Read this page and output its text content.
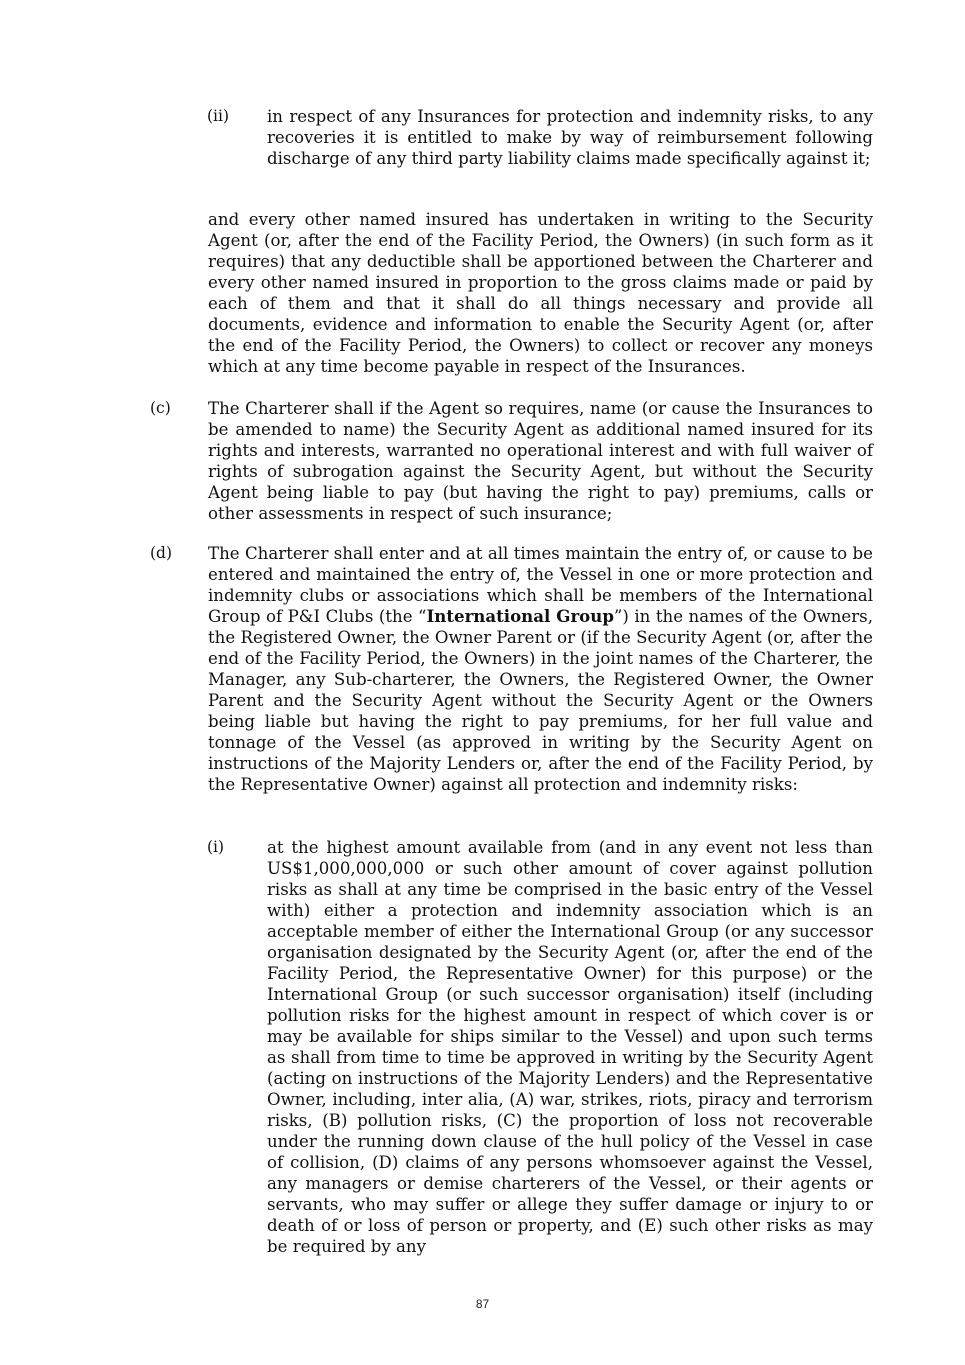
(ii) in respect of any Insurances for protection and indemnity risks, to any recoveries it is entitled to make by way of reimbursement following discharge of any third party liability claims made specifically against it;

and every other named insured has undertaken in writing to the Security Agent (or, after the end of the Facility Period, the Owners) (in such form as it requires) that any deductible shall be apportioned between the Charterer and every other named insured in proportion to the gross claims made or paid by each of them and that it shall do all things necessary and provide all documents, evidence and information to enable the Security Agent (or, after the end of the Facility Period, the Owners) to collect or recover any moneys which at any time become payable in respect of the Insurances.

(c) The Charterer shall if the Agent so requires, name (or cause the Insurances to be amended to name) the Security Agent as additional named insured for its rights and interests, warranted no operational interest and with full waiver of rights of subrogation against the Security Agent, but without the Security Agent being liable to pay (but having the right to pay) premiums, calls or other assessments in respect of such insurance;

(d) The Charterer shall enter and at all times maintain the entry of, or cause to be entered and maintained the entry of, the Vessel in one or more protection and indemnity clubs or associations which shall be members of the International Group of P&I Clubs (the “International Group”) in the names of the Owners, the Registered Owner, the Owner Parent or (if the Security Agent (or, after the end of the Facility Period, the Owners) in the joint names of the Charterer, the Manager, any Sub-charterer, the Owners, the Registered Owner, the Owner Parent and the Security Agent without the Security Agent or the Owners being liable but having the right to pay premiums, for her full value and tonnage of the Vessel (as approved in writing by the Security Agent on instructions of the Majority Lenders or, after the end of the Facility Period, by the Representative Owner) against all protection and indemnity risks:

(i)	at the highest amount available from (and in any event not less than US$1,000,000,000 or such other amount of cover against pollution risks as shall at any time be comprised in the basic entry of the Vessel with) either a protection and indemnity association which is an acceptable member of either the International Group (or any successor organisation designated by the Security Agent (or, after the end of the Facility Period, the Representative Owner) for this purpose) or the International Group (or such successor organisation) itself (including pollution risks for the highest amount in respect of which cover is or may be available for ships similar to the Vessel) and upon such terms as shall from time to time be approved in writing by the Security Agent (acting on instructions of the Majority Lenders) and the Representative Owner, including, inter alia, (A) war, strikes, riots, piracy and terrorism risks, (B) pollution risks, (C) the proportion of loss not recoverable under the running down clause of the hull policy of the Vessel in case of collision, (D) claims of any persons whomsoever against the Vessel, any managers or demise charterers of the Vessel, or their agents or servants, who may suffer or allege they suffer damage or injury to or death of or loss of person or property, and (E) such other risks as may be required by any

87
